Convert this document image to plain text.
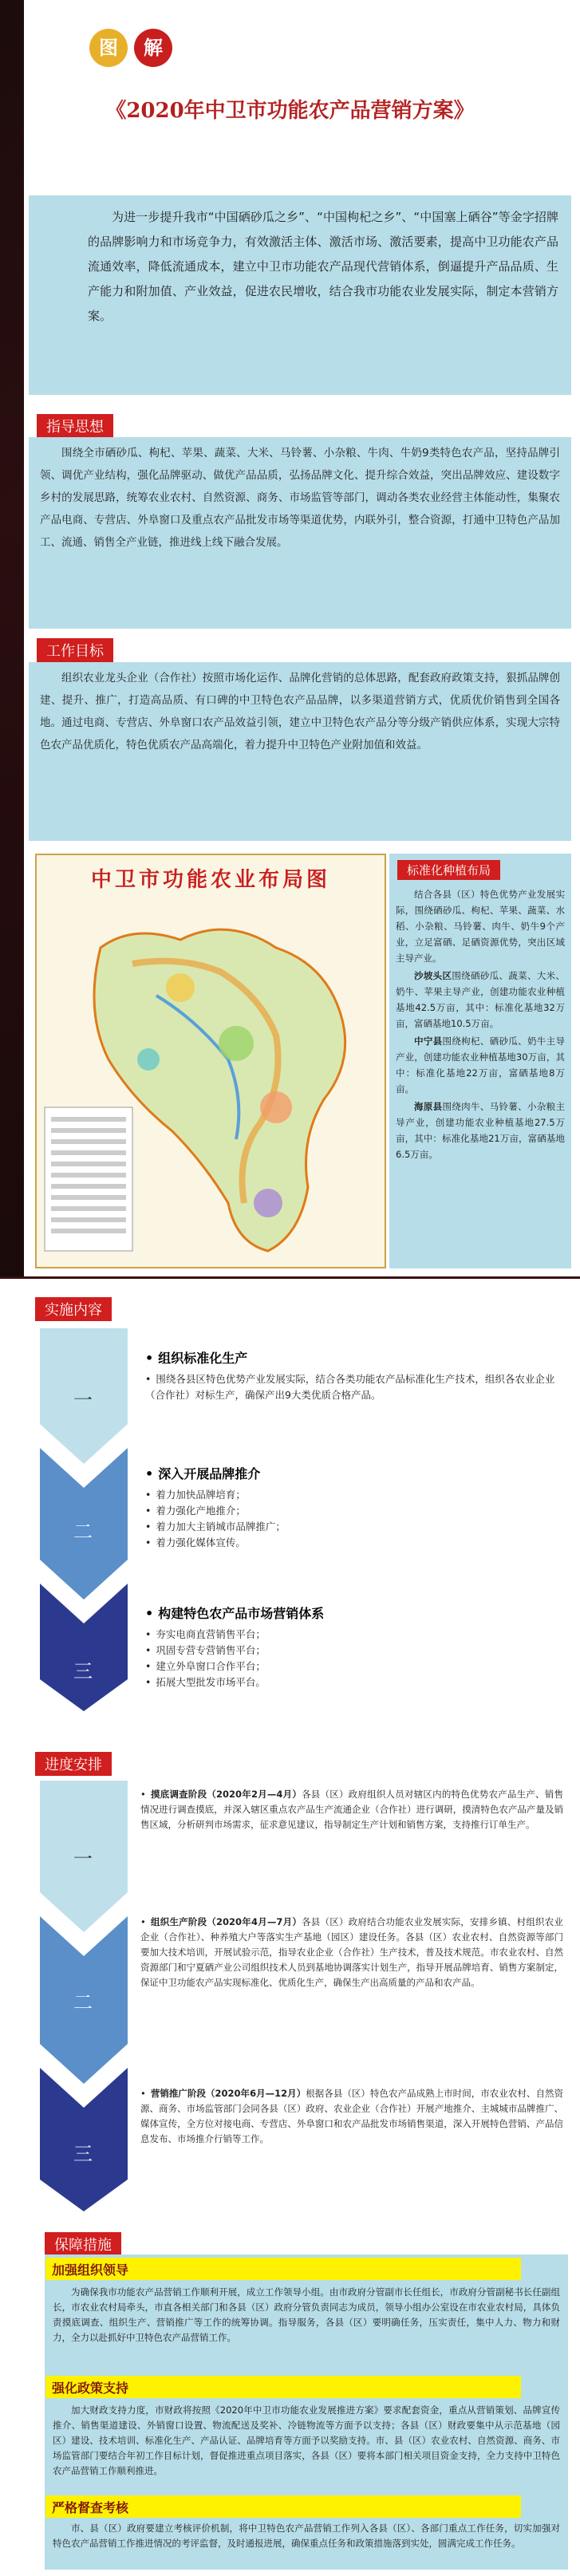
图	解
《2020年中卫市功能农产品营销方案》
为进一步提升我市“中国硒砂瓜之乡”、“中国枸杞之乡”、“中国塞上硒谷”等金字招牌的品牌影响力和市场竞争力，有效激活主体、激活市场、激活要素，提高中卫功能农产品流通效率，降低流通成本，建立中卫市功能农产品现代营销体系，倒逼提升产品品质、生产能力和附加值、产业效益，促进农民增收，结合我市功能农业发展实际，制定本营销方案。
指导思想
围绕全市硒砂瓜、枸杞、苹果、蔬菜、大米、马铃薯、小杂粮、牛肉、牛奶9类特色农产品，坚持品牌引领、调优产业结构，强化品牌驱动、做优产品品质，弘扬品牌文化、提升综合效益，突出品牌效应、建设数字乡村的发展思路，统筹农业农村、自然资源、商务、市场监管等部门，调动各类农业经营主体能动性，集聚农产品电商、专营店、外阜窗口及重点农产品批发市场等渠道优势，内联外引，整合资源，打通中卫特色产品加工、流通、销售全产业链，推进线上线下融合发展。
工作目标
组织农业龙头企业（合作社）按照市场化运作、品牌化营销的总体思路，配套政府政策支持，狠抓品牌创建、提升、推广，打造高品质、有口碑的中卫特色农产品品牌，以多渠道营销方式，优质优价销售到全国各地。通过电商、专营店、外阜窗口农产品效益引领，建立中卫特色农产品分等分级产销供应体系，实现大宗特色农产品优质化，特色优质农产品高端化，着力提升中卫特色产业附加值和效益。
中卫市功能农业布局图	标准化种植布局
结合各县（区）特色优势产业发展实际，围绕硒砂瓜、枸杞、苹果、蔬菜、水稻、小杂粮、马铃薯、肉牛、奶牛9个产业，立足富硒、足硒资源优势，突出区域主导产业。
沙坡头区围绕硒砂瓜、蔬菜、大米、奶牛、苹果主导产业，创建功能农业种植基地42.5万亩，其中：标准化基地32万亩，富硒基地10.5万亩。
中宁县围绕枸杞、硒砂瓜、奶牛主导产业，创建功能农业种植基地30万亩，其中：标准化基地22万亩，富硒基地8万亩。
海原县围绕肉牛、马铃薯、小杂粮主导产业，创建功能农业种植基地27.5万亩，其中：标准化基地21万亩，富硒基地6.5万亩。
实施内容
一
二
三
• 组织标准化生产
• 围绕各县区特色优势产业发展实际，结合各类功能农产品标准化生产技术，组织各农业企业（合作社）对标生产，确保产出9大类优质合格产品。
• 深入开展品牌推介
• 着力加快品牌培育；
• 着力强化产地推介；
• 着力加大主销城市品牌推广；
• 着力强化媒体宣传。
• 构建特色农产品市场营销体系
• 夯实电商直营销售平台；
• 巩固专营专营销售平台；
• 建立外阜窗口合作平台；
• 拓展大型批发市场平台。
进度安排
一
二
三
• 摸底调查阶段（2020年2月—4月）各县（区）政府组织人员对辖区内的特色优势农产品生产、销售情况进行调查摸底，并深入辖区重点农产品生产流通企业（合作社）进行调研，摸清特色农产品产量及销售区域，分析研判市场需求，征求意见建议，指导制定生产计划和销售方案，支持推行订单生产。
• 组织生产阶段（2020年4月—7月）各县（区）政府结合功能农业发展实际，安排乡镇、村组织农业企业（合作社）、种养殖大户等落实生产基地（园区）建设任务。各县（区）农业农村、自然资源等部门要加大技术培训，开展试验示范，指导农业企业（合作社）生产技术，普及技术规范。市农业农村、自然资源部门和宁夏硒产业公司组织技术人员到基地协调落实计划生产，指导开展品牌培育、销售方案制定，保证中卫功能农产品实现标准化、优质化生产，确保生产出高质量的产品和农产品。
• 营销推广阶段（2020年6月—12月）根据各县（区）特色农产品成熟上市时间，市农业农村、自然资源、商务、市场监管部门会同各县（区）政府、农业企业（合作社）开展产地推介、主城城市品牌推广、媒体宣传，全方位对接电商、专营店、外阜窗口和农产品批发市场销售渠道，深入开展特色营销、产品信息发布、市场推介行销等工作。
保障措施
加强组织领导
为确保我市功能农产品营销工作顺利开展，成立工作领导小组。由市政府分管副市长任组长，市政府分管副秘书长任副组长，市农业农村局牵头，市直各相关部门和各县（区）政府分管负责同志为成员，领导小组办公室设在市农业农村局，具体负责摸底调查、组织生产、营销推广等工作的统筹协调。指导服务，各县（区）要明确任务，压实责任，集中人力、物力和财力，全力以赴抓好中卫特色农产品营销工作。
强化政策支持
加大财政支持力度，市财政将按照《2020年中卫市功能农业发展推进方案》要求配套资金，重点从营销策划、品牌宣传推介、销售渠道建设、外销窗口设置、物流配送及奖补、冷链物流等方面予以支持；各县（区）财政要集中从示范基地（园区）建设、技术培训、标准化生产、产品认证、品牌培育等方面予以奖励支持。市、县（区）农业农村、自然资源、商务、市场监管部门要结合年初工作目标计划，督促推进重点项目落实，各县（区）要将本部门相关项目资金支持，全力支持中卫特色农产品营销工作顺利推进。
严格督查考核
市、县（区）政府要建立考核评价机制，将中卫特色农产品营销工作列入各县（区）、各部门重点工作任务，切实加强对特色农产品营销工作推进情况的考评监督，及时通报进展，确保重点任务和政策措施落到实处，圆满完成工作任务。
